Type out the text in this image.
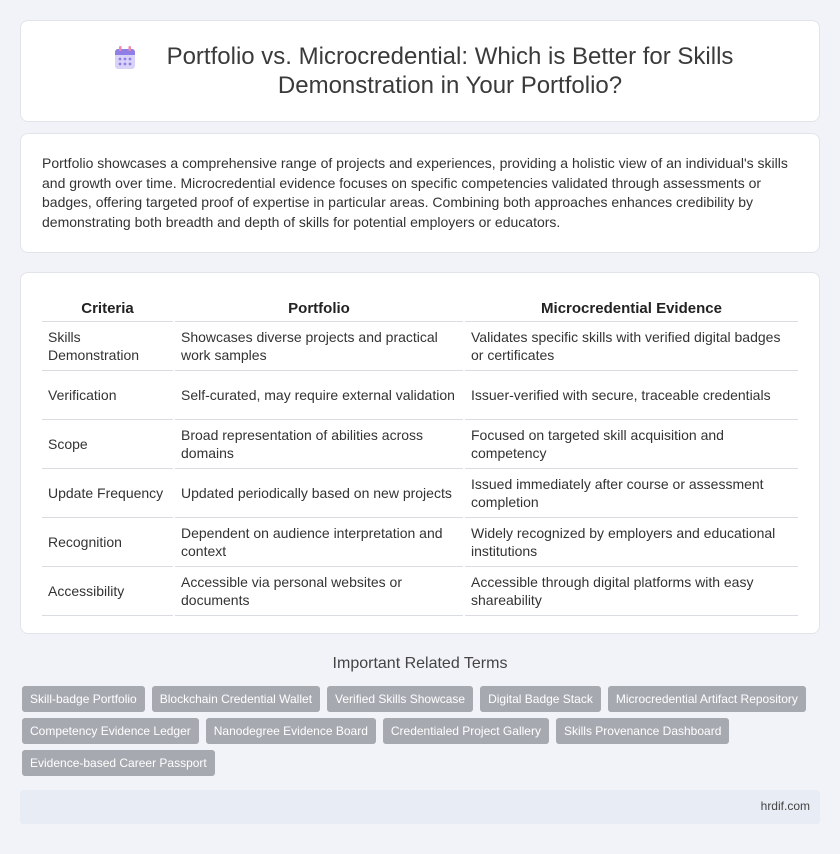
Portfolio vs. Microcredential: Which is Better for Skills Demonstration in Your Portfolio?

Portfolio showcases a comprehensive range of projects and experiences, providing a holistic view of an individual's skills and growth over time. Microcredential evidence focuses on specific competencies validated through assessments or badges, offering targeted proof of expertise in particular areas. Combining both approaches enhances credibility by demonstrating both breadth and depth of skills for potential employers or educators.

Criteria	Portfolio	Microcredential Evidence
Skills Demonstration	Showcases diverse projects and practical work samples	Validates specific skills with verified digital badges or certificates
Verification	Self-curated, may require external validation	Issuer-verified with secure, traceable credentials
Scope	Broad representation of abilities across domains	Focused on targeted skill acquisition and competency
Update Frequency	Updated periodically based on new projects	Issued immediately after course or assessment completion
Recognition	Dependent on audience interpretation and context	Widely recognized by employers and educational institutions
Accessibility	Accessible via personal websites or documents	Accessible through digital platforms with easy shareability
Important Related Terms
Skill-badge Portfolio	Blockchain Credential Wallet	Verified Skills Showcase	Digital Badge Stack	Microcredential Artifact Repository
Competency Evidence Ledger	Nanodegree Evidence Board	Credentialed Project Gallery	Skills Provenance Dashboard
Evidence-based Career Passport
hrdif.com
